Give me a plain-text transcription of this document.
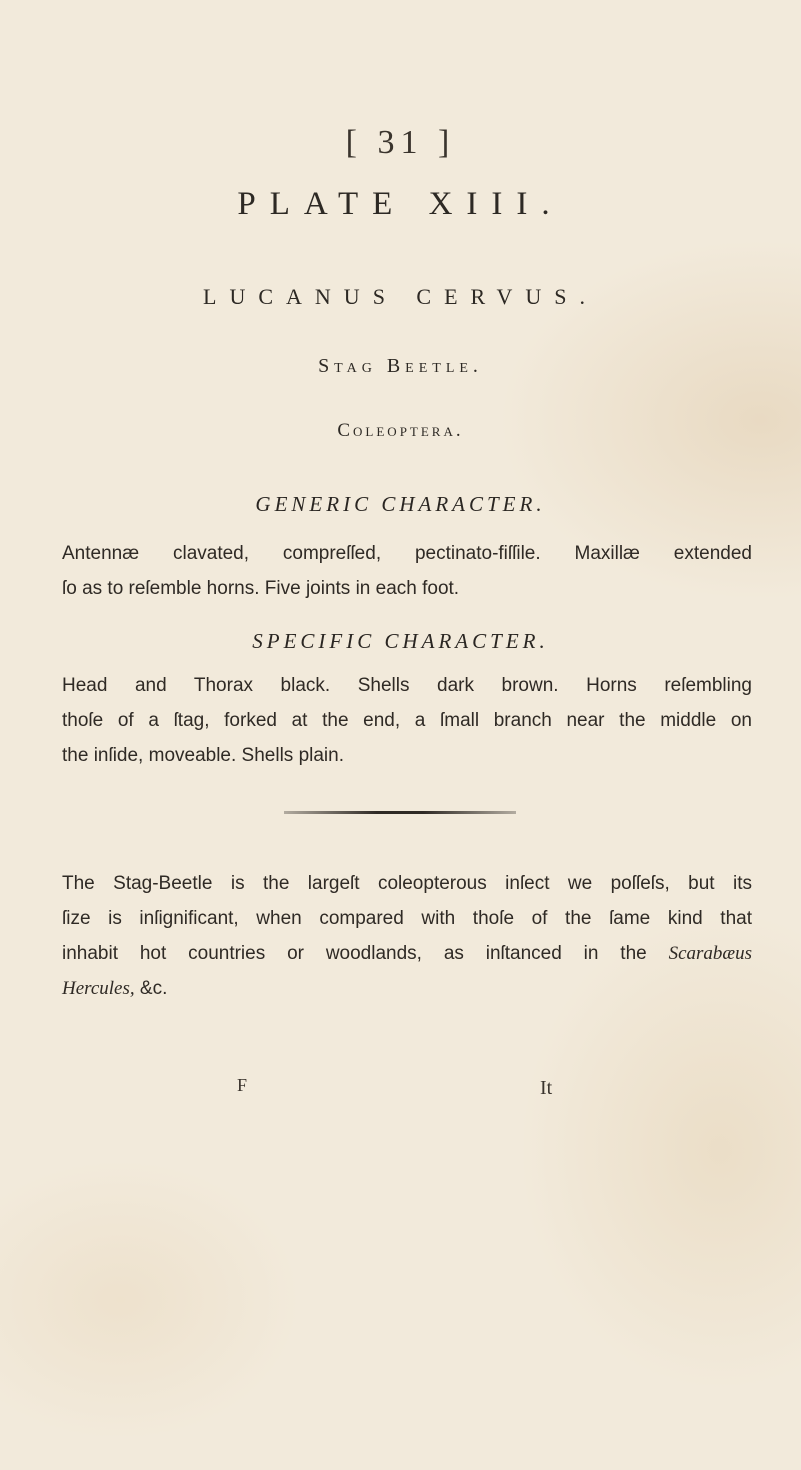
[ 31 ]
PLATE XIII.
LUCANUS CERVUS.
Stag Beetle.
Coleoptera.
GENERIC CHARACTER.
Antennæ clavated, compreſſed, pectinato-fiſſile. Maxillæ extended
ſo as to reſemble horns. Five joints in each foot.
SPECIFIC CHARACTER.
Head and Thorax black. Shells dark brown. Horns reſembling
thoſe of a ſtag, forked at the end, a ſmall branch near the middle on
the inſide, moveable. Shells plain.
The Stag-Beetle is the largeſt coleopterous inſect we poſſeſs, but its
ſize is inſignificant, when compared with thoſe of the ſame kind that
inhabit hot countries or woodlands, as inſtanced in the Scarabæus
Hercules, &c.
F	It
